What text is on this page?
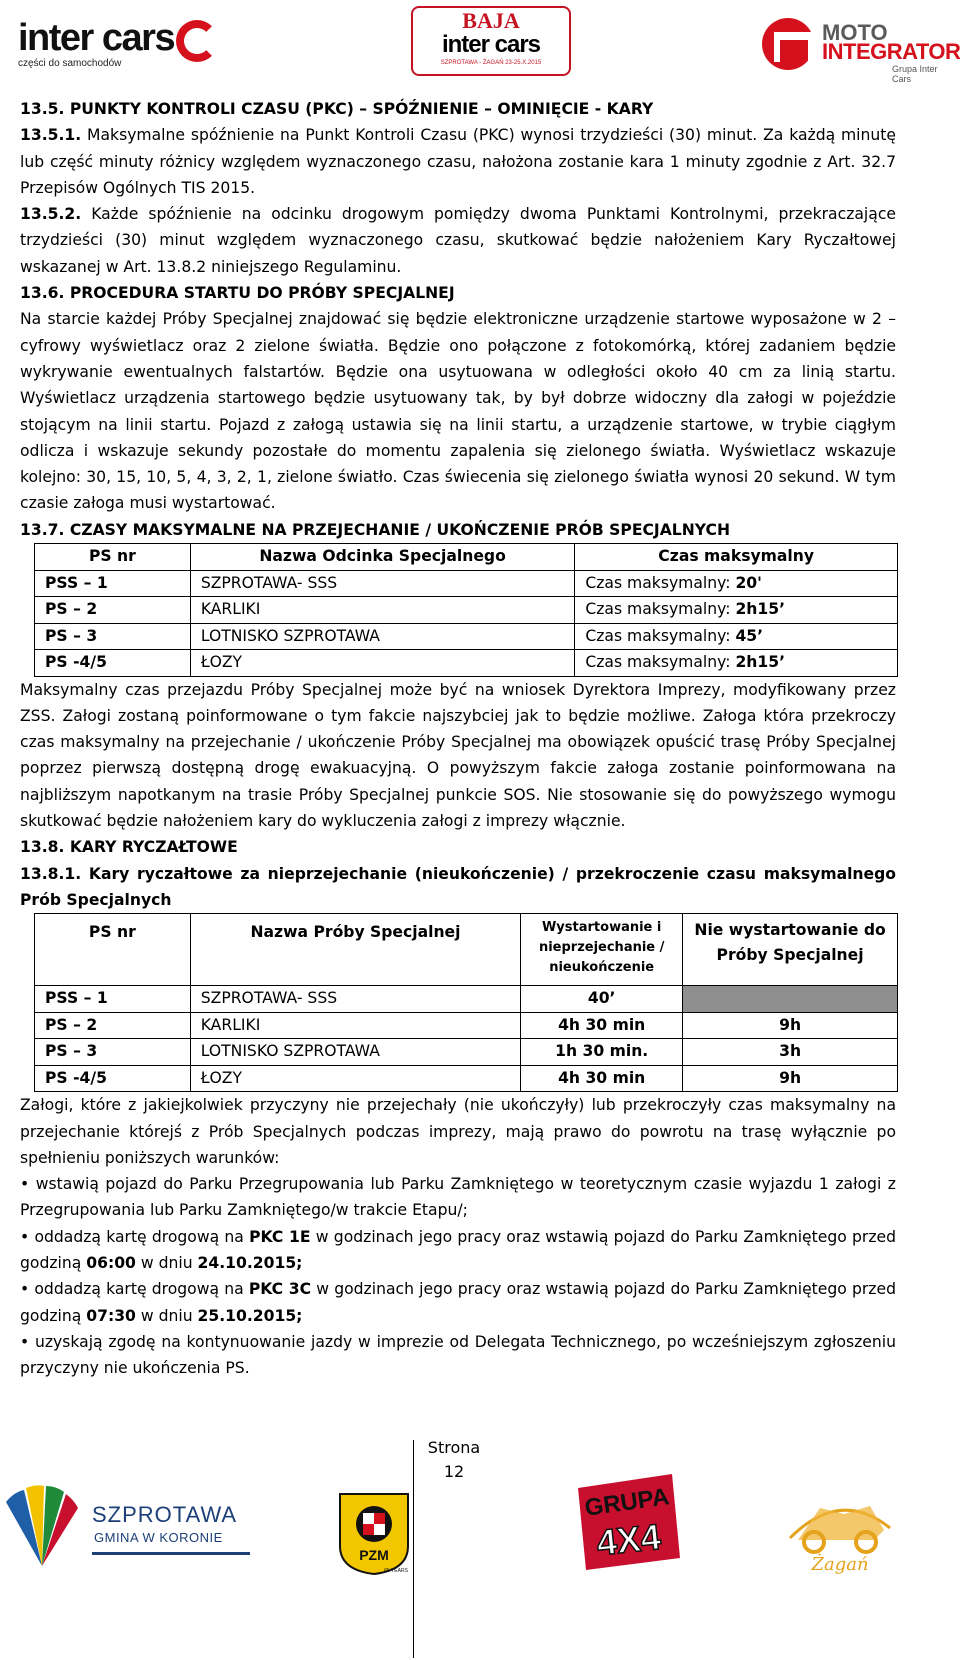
inter cars
części do samochodów
BAJA
inter cars
SZPROTAWA - ŻAGAŃ 23-25.X.2015
MOTO
INTEGRATOR
Grupa Inter Cars

13.5. PUNKTY KONTROLI CZASU (PKC) – SPÓŹNIENIE – OMINIĘCIE - KARY

13.5.1. Maksymalne spóźnienie na Punkt Kontroli Czasu (PKC) wynosi trzydzieści (30) minut. Za każdą minutę lub część minuty różnicy względem wyznaczonego czasu, nałożona zostanie kara 1 minuty zgodnie z Art. 32.7 Przepisów Ogólnych TIS 2015.

13.5.2. Każde spóźnienie na odcinku drogowym pomiędzy dwoma Punktami Kontrolnymi, przekraczające trzydzieści (30) minut względem wyznaczonego czasu, skutkować będzie nałożeniem Kary Ryczałtowej wskazanej w Art. 13.8.2 niniejszego Regulaminu.

13.6. PROCEDURA STARTU DO PRÓBY SPECJALNEJ

Na starcie każdej Próby Specjalnej znajdować się będzie elektroniczne urządzenie startowe wyposażone w 2 – cyfrowy wyświetlacz oraz 2 zielone światła. Będzie ono połączone z fotokomórką, której zadaniem będzie wykrywanie ewentualnych falstartów. Będzie ona usytuowana w odległości około 40 cm za linią startu. Wyświetlacz urządzenia startowego będzie usytuowany tak, by był dobrze widoczny dla załogi w pojeździe stojącym na linii startu. Pojazd z załogą ustawia się na linii startu, a urządzenie startowe, w trybie ciągłym odlicza i wskazuje sekundy pozostałe do momentu zapalenia się zielonego światła. Wyświetlacz wskazuje kolejno: 30, 15, 10, 5, 4, 3, 2, 1, zielone światło. Czas świecenia się zielonego światła wynosi 20 sekund. W tym czasie załoga musi wystartować.

13.7. CZASY MAKSYMALNE NA PRZEJECHANIE / UKOŃCZENIE PRÓB SPECJALNYCH

PS nr	Nazwa Odcinka Specjalnego	Czas maksymalny
PSS – 1	SZPROTAWA- SSS	Czas maksymalny: 20'
PS – 2	KARLIKI	Czas maksymalny: 2h15’
PS – 3	LOTNISKO SZPROTAWA	Czas maksymalny: 45’
PS -4/5	ŁOZY	Czas maksymalny: 2h15’

Maksymalny czas przejazdu Próby Specjalnej może być na wniosek Dyrektora Imprezy, modyfikowany przez ZSS. Załogi zostaną poinformowane o tym fakcie najszybciej jak to będzie możliwe. Załoga która przekroczy czas maksymalny na przejechanie / ukończenie Próby Specjalnej ma obowiązek opuścić trasę Próby Specjalnej poprzez pierwszą dostępną drogę ewakuacyjną. O powyższym fakcie załoga zostanie poinformowana na najbliższym napotkanym na trasie Próby Specjalnej punkcie SOS. Nie stosowanie się do powyższego wymogu skutkować będzie nałożeniem kary do wykluczenia załogi z imprezy włącznie.

13.8. KARY RYCZAŁTOWE

13.8.1. Kary ryczałtowe za nieprzejechanie (nieukończenie) / przekroczenie czasu maksymalnego Prób Specjalnych

PS nr	Nazwa Próby Specjalnej	Wystartowanie i nieprzejechanie / nieukończenie	Nie wystartowanie do Próby Specjalnej
PSS – 1	SZPROTAWA- SSS	40’	
PS – 2	KARLIKI	4h 30 min	9h
PS – 3	LOTNISKO SZPROTAWA	1h 30 min.	3h
PS -4/5	ŁOZY	4h 30 min	9h

Załogi, które z jakiejkolwiek przyczyny nie przejechały (nie ukończyły) lub przekroczyły czas maksymalny na przejechanie którejś z Prób Specjalnych podczas imprezy, mają prawo do powrotu na trasę wyłącznie po spełnieniu poniższych warunków:

• wstawią pojazd do Parku Przegrupowania lub Parku Zamkniętego w teoretycznym czasie wyjazdu 1 załogi z Przegrupowania lub Parku Zamkniętego/w trakcie Etapu/;

• oddadzą kartę drogową na PKC 1E w godzinach jego pracy oraz wstawią pojazd do Parku Zamkniętego przed godziną 06:00 w dniu 24.10.2015;

• oddadzą kartę drogową na PKC 3C w godzinach jego pracy oraz wstawią pojazd do Parku Zamkniętego przed godziną 07:30 w dniu 25.10.2015;

• uzyskają zgodę na kontynuowanie jazdy w imprezie od Delegata Technicznego, po wcześniejszym zgłoszeniu przyczyny nie ukończenia PS.

Strona
12
SZPROTAWA
GMINA W KORONIE
PZM
65 YEARS
GRUPA
4X4
Żagań
